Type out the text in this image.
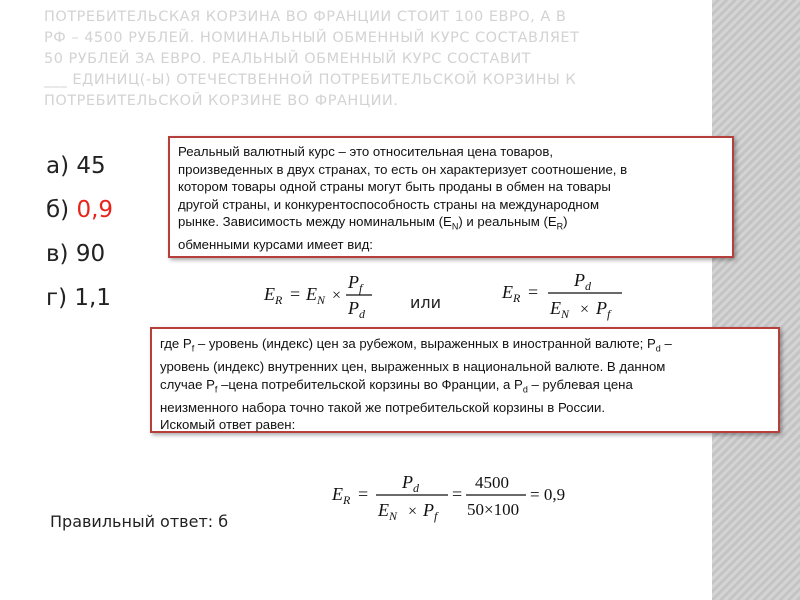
ПОТРЕБИТЕЛЬСКАЯ КОРЗИНА ВО ФРАНЦИИ СТОИТ 100 ЕВРО, А В
РФ – 4500 РУБЛЕЙ. НОМИНАЛЬНЫЙ ОБМЕННЫЙ КУРС СОСТАВЛЯЕТ
50 РУБЛЕЙ ЗА ЕВРО. РЕАЛЬНЫЙ ОБМЕННЫЙ КУРС СОСТАВИТ
___ ЕДИНИЦ(-Ы) ОТЕЧЕСТВЕННОЙ ПОТРЕБИТЕЛЬСКОЙ КОРЗИНЫ К
ПОТРЕБИТЕЛЬСКОЙ КОРЗИНЕ ВО ФРАНЦИИ.

а) 45
б) 0,9
в) 90
г) 1,1
Реальный валютный курс – это относительная цена товаров,
произведенных в двух странах, то есть он характеризует соотношение, в
котором товары одной страны могут быть проданы в обмен на товары
другой страны, и конкурентоспособность страны на международном
рынке. Зависимость между номинальным $(E_N)$ и реальным $(E_R)$
обменными курсами имеет вид:
$E_R = E_N$ ×
$P_f$
$P_d$
или
$E_R$ =
$P_d$
$E_N \times P_f$
где $P_f$ – уровень (индекс) цен за рубежом, выраженных в иностранной валюте; $P_d$ –
уровень (индекс) внутренних цен, выраженных в национальной валюте. В данном
случае $P_f$ –цена потребительской корзины во Франции, а $P_d$ – рублевая цена
неизменного набора точно такой же потребительской корзины в России.
Искомый ответ равен:
$E_R$ =
$P_d$
$E_N \times P_f$
=
4500
50×100
= 0,9
Правильный ответ: б
